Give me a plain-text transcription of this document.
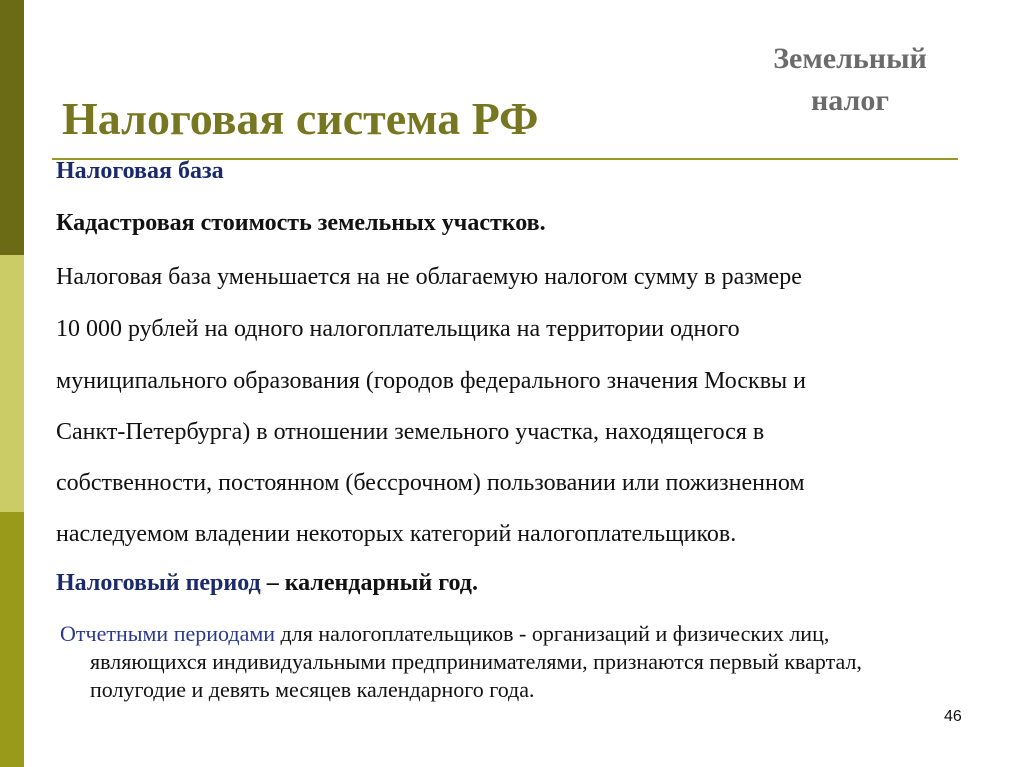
Земельный
налог
Налоговая система РФ
Налоговая база
Кадастровая стоимость земельных участков.
Налоговая база уменьшается на не облагаемую налогом сумму в размере
10 000 рублей на одного налогоплательщика на территории одного
муниципального образования (городов федерального значения Москвы и
Санкт-Петербурга) в отношении земельного участка, находящегося в
собственности, постоянном (бессрочном) пользовании или пожизненном
наследуемом владении некоторых категорий налогоплательщиков.
Налоговый период – календарный год.
Отчетными периодами для налогоплательщиков - организаций и физических лиц,
являющихся индивидуальными предпринимателями, признаются первый квартал,
полугодие и девять месяцев календарного года.
46
